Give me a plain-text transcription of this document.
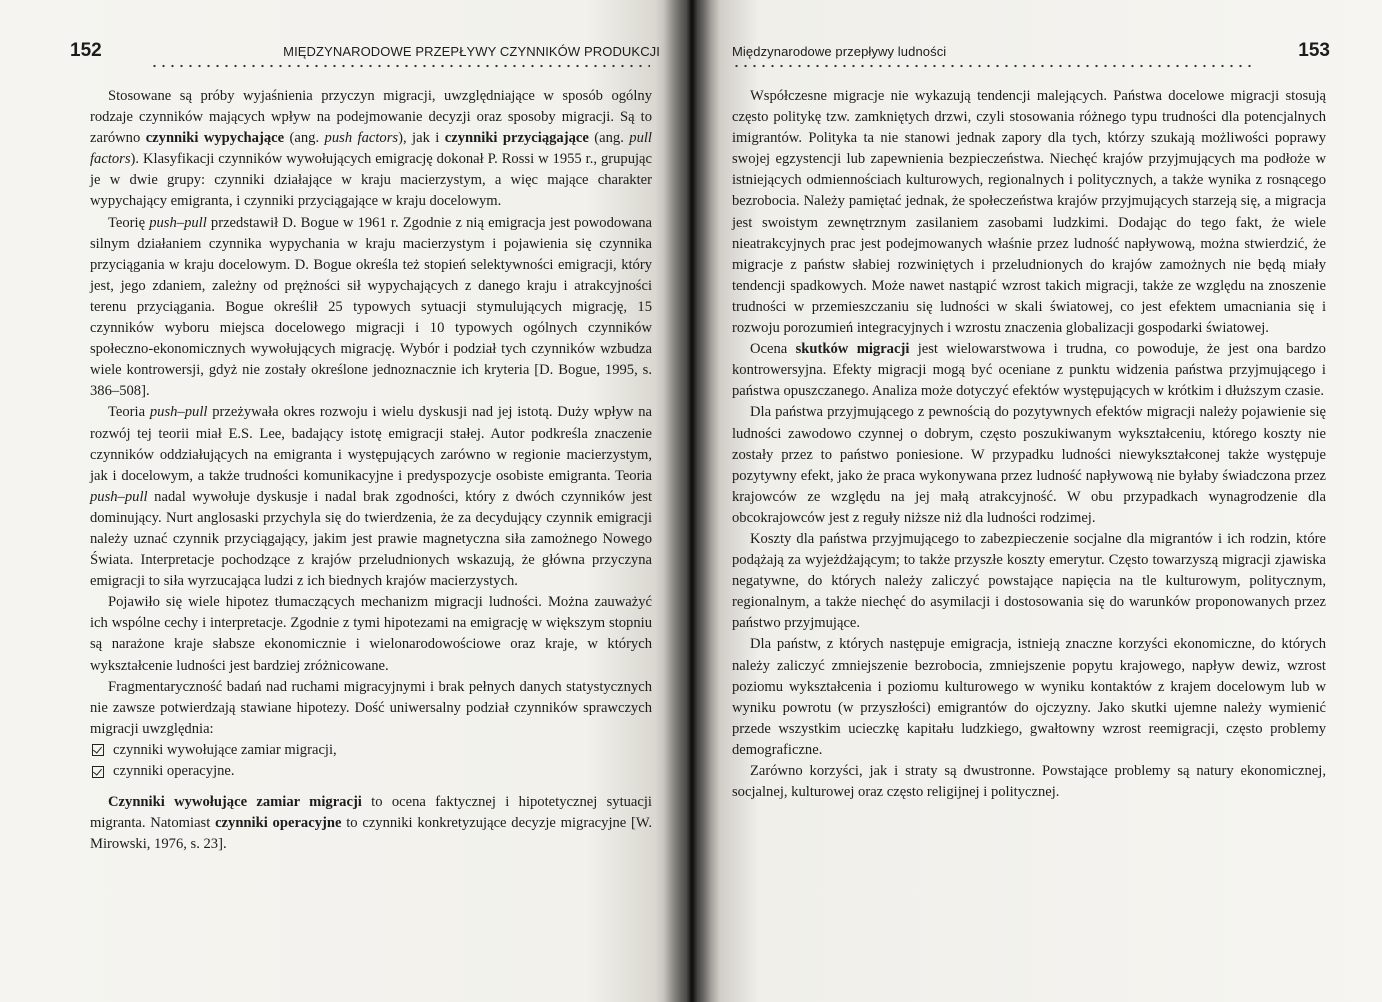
152	MIĘDZYNARODOWE PRZEPŁYWY CZYNNIKÓW PRODUKCJI

Stosowane są próby wyjaśnienia przyczyn migracji, uwzględniające w sposób ogólny rodzaje czynników mających wpływ na podejmowanie decyzji oraz sposoby migracji. Są to zarówno czynniki wypychające (ang. push factors), jak i czynniki przyciągające (ang. pull factors). Klasyfikacji czynników wywołujących emigrację dokonał P. Rossi w 1955 r., grupując je w dwie grupy: czynniki działające w kraju macierzystym, a więc mające charakter wypychający emigranta, i czynniki przyciągające w kraju docelowym.

Teorię push–pull przedstawił D. Bogue w 1961 r. Zgodnie z nią emigracja jest powodowana silnym działaniem czynnika wypychania w kraju macierzystym i pojawienia się czynnika przyciągania w kraju docelowym. D. Bogue określa też stopień selektywności emigracji, który jest, jego zdaniem, zależny od prężności sił wypychających z danego kraju i atrakcyjności terenu przyciągania. Bogue określił 25 typowych sytuacji stymulujących migrację, 15 czynników wyboru miejsca docelowego migracji i 10 typowych ogólnych czynników społeczno-ekonomicznych wywołujących migrację. Wybór i podział tych czynników wzbudza wiele kontrowersji, gdyż nie zostały określone jednoznacznie ich kryteria [D. Bogue, 1995, s. 386–508].

Teoria push–pull przeżywała okres rozwoju i wielu dyskusji nad jej istotą. Duży wpływ na rozwój tej teorii miał E.S. Lee, badający istotę emigracji stałej. Autor podkreśla znaczenie czynników oddziałujących na emigranta i występujących zarówno w regionie macierzystym, jak i docelowym, a także trudności komunikacyjne i predyspozycje osobiste emigranta. Teoria push–pull nadal wywołuje dyskusje i nadal brak zgodności, który z dwóch czynników jest dominujący. Nurt anglosaski przychyla się do twierdzenia, że za decydujący czynnik emigracji należy uznać czynnik przyciągający, jakim jest prawie magnetyczna siła zamożnego Nowego Świata. Interpretacje pochodzące z krajów przeludnionych wskazują, że główna przyczyna emigracji to siła wyrzucająca ludzi z ich biednych krajów macierzystych.

Pojawiło się wiele hipotez tłumaczących mechanizm migracji ludności. Można zauważyć ich wspólne cechy i interpretacje. Zgodnie z tymi hipotezami na emigrację w większym stopniu są narażone kraje słabsze ekonomicznie i wielonarodowościowe oraz kraje, w których wykształcenie ludności jest bardziej zróżnicowane.

Fragmentaryczność badań nad ruchami migracyjnymi i brak pełnych danych statystycznych nie zawsze potwierdzają stawiane hipotezy. Dość uniwersalny podział czynników sprawczych migracji uwzględnia:

czynniki wywołujące zamiar migracji,
czynniki operacyjne.

Czynniki wywołujące zamiar migracji to ocena faktycznej i hipotetycznej sytuacji migranta. Natomiast czynniki operacyjne to czynniki konkretyzujące decyzje migracyjne [W. Mirowski, 1976, s. 23].

Międzynarodowe przepływy ludności	153

Współczesne migracje nie wykazują tendencji malejących. Państwa docelowe migracji stosują często politykę tzw. zamkniętych drzwi, czyli stosowania różnego typu trudności dla potencjalnych imigrantów. Polityka ta nie stanowi jednak zapory dla tych, którzy szukają możliwości poprawy swojej egzystencji lub zapewnienia bezpieczeństwa. Niechęć krajów przyjmujących ma podłoże w istniejących odmiennościach kulturowych, regionalnych i politycznych, a także wynika z rosnącego bezrobocia. Należy pamiętać jednak, że społeczeństwa krajów przyjmujących starzeją się, a migracja jest swoistym zewnętrznym zasilaniem zasobami ludzkimi. Dodając do tego fakt, że wiele nieatrakcyjnych prac jest podejmowanych właśnie przez ludność napływową, można stwierdzić, że migracje z państw słabiej rozwiniętych i przeludnionych do krajów zamożnych nie będą miały tendencji spadkowych. Może nawet nastąpić wzrost takich migracji, także ze względu na znoszenie trudności w przemieszczaniu się ludności w skali światowej, co jest efektem umacniania się i rozwoju porozumień integracyjnych i wzrostu znaczenia globalizacji gospodarki światowej.

Ocena skutków migracji jest wielowarstwowa i trudna, co powoduje, że jest ona bardzo kontrowersyjna. Efekty migracji mogą być oceniane z punktu widzenia państwa przyjmującego i państwa opuszczanego. Analiza może dotyczyć efektów występujących w krótkim i dłuższym czasie.

Dla państwa przyjmującego z pewnością do pozytywnych efektów migracji należy pojawienie się ludności zawodowo czynnej o dobrym, często poszukiwanym wykształceniu, którego koszty nie zostały przez to państwo poniesione. W przypadku ludności niewykształconej także występuje pozytywny efekt, jako że praca wykonywana przez ludność napływową nie byłaby świadczona przez krajowców ze względu na jej małą atrakcyjność. W obu przypadkach wynagrodzenie dla obcokrajowców jest z reguły niższe niż dla ludności rodzimej.

Koszty dla państwa przyjmującego to zabezpieczenie socjalne dla migrantów i ich rodzin, które podążają za wyjeżdżającym; to także przyszłe koszty emerytur. Często towarzyszą migracji zjawiska negatywne, do których należy zaliczyć powstające napięcia na tle kulturowym, politycznym, regionalnym, a także niechęć do asymilacji i dostosowania się do warunków proponowanych przez państwo przyjmujące.

Dla państw, z których następuje emigracja, istnieją znaczne korzyści ekonomiczne, do których należy zaliczyć zmniejszenie bezrobocia, zmniejszenie popytu krajowego, napływ dewiz, wzrost poziomu wykształcenia i poziomu kulturowego w wyniku kontaktów z krajem docelowym lub w wyniku powrotu (w przyszłości) emigrantów do ojczyzny. Jako skutki ujemne należy wymienić przede wszystkim ucieczkę kapitału ludzkiego, gwałtowny wzrost reemigracji, często problemy demograficzne.

Zarówno korzyści, jak i straty są dwustronne. Powstające problemy są natury ekonomicznej, socjalnej, kulturowej oraz często religijnej i politycznej.
